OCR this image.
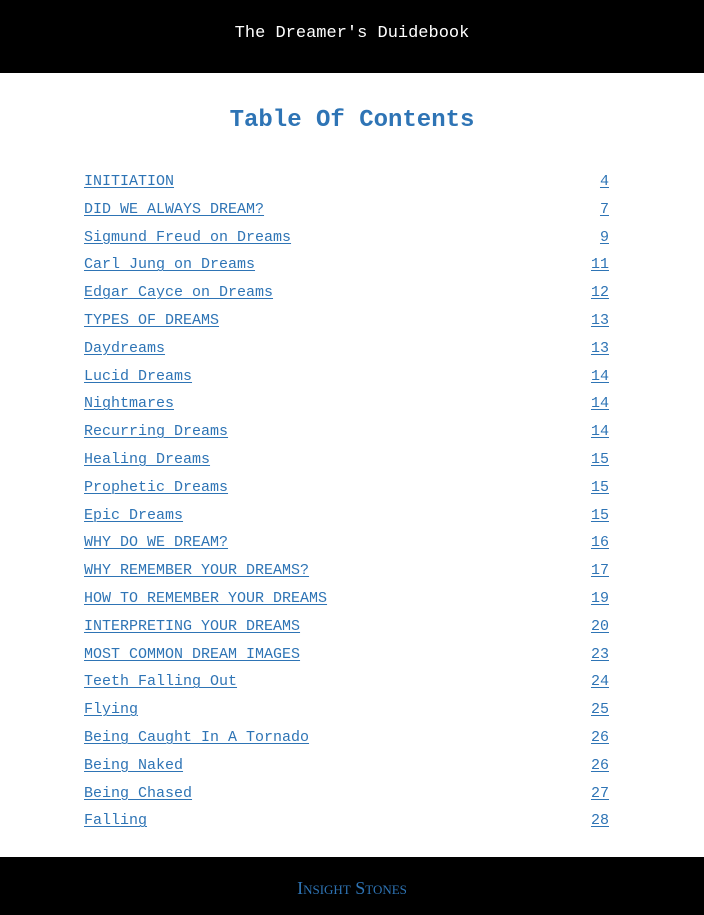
The Dreamer's Duidebook
Table Of Contents
INITIATION	4
DID WE ALWAYS DREAM?	7
Sigmund Freud on Dreams	9
Carl Jung on Dreams	11
Edgar Cayce on Dreams	12
TYPES OF DREAMS	13
Daydreams	13
Lucid Dreams	14
Nightmares	14
Recurring Dreams	14
Healing Dreams	15
Prophetic Dreams	15
Epic Dreams	15
WHY DO WE DREAM?	16
WHY REMEMBER YOUR DREAMS?	17
HOW TO REMEMBER YOUR DREAMS	19
INTERPRETING YOUR DREAMS	20
MOST COMMON DREAM IMAGES	23
Teeth Falling Out	24
Flying	25
Being Caught In A Tornado	26
Being Naked	26
Being Chased	27
Falling	28
Insight Stones
